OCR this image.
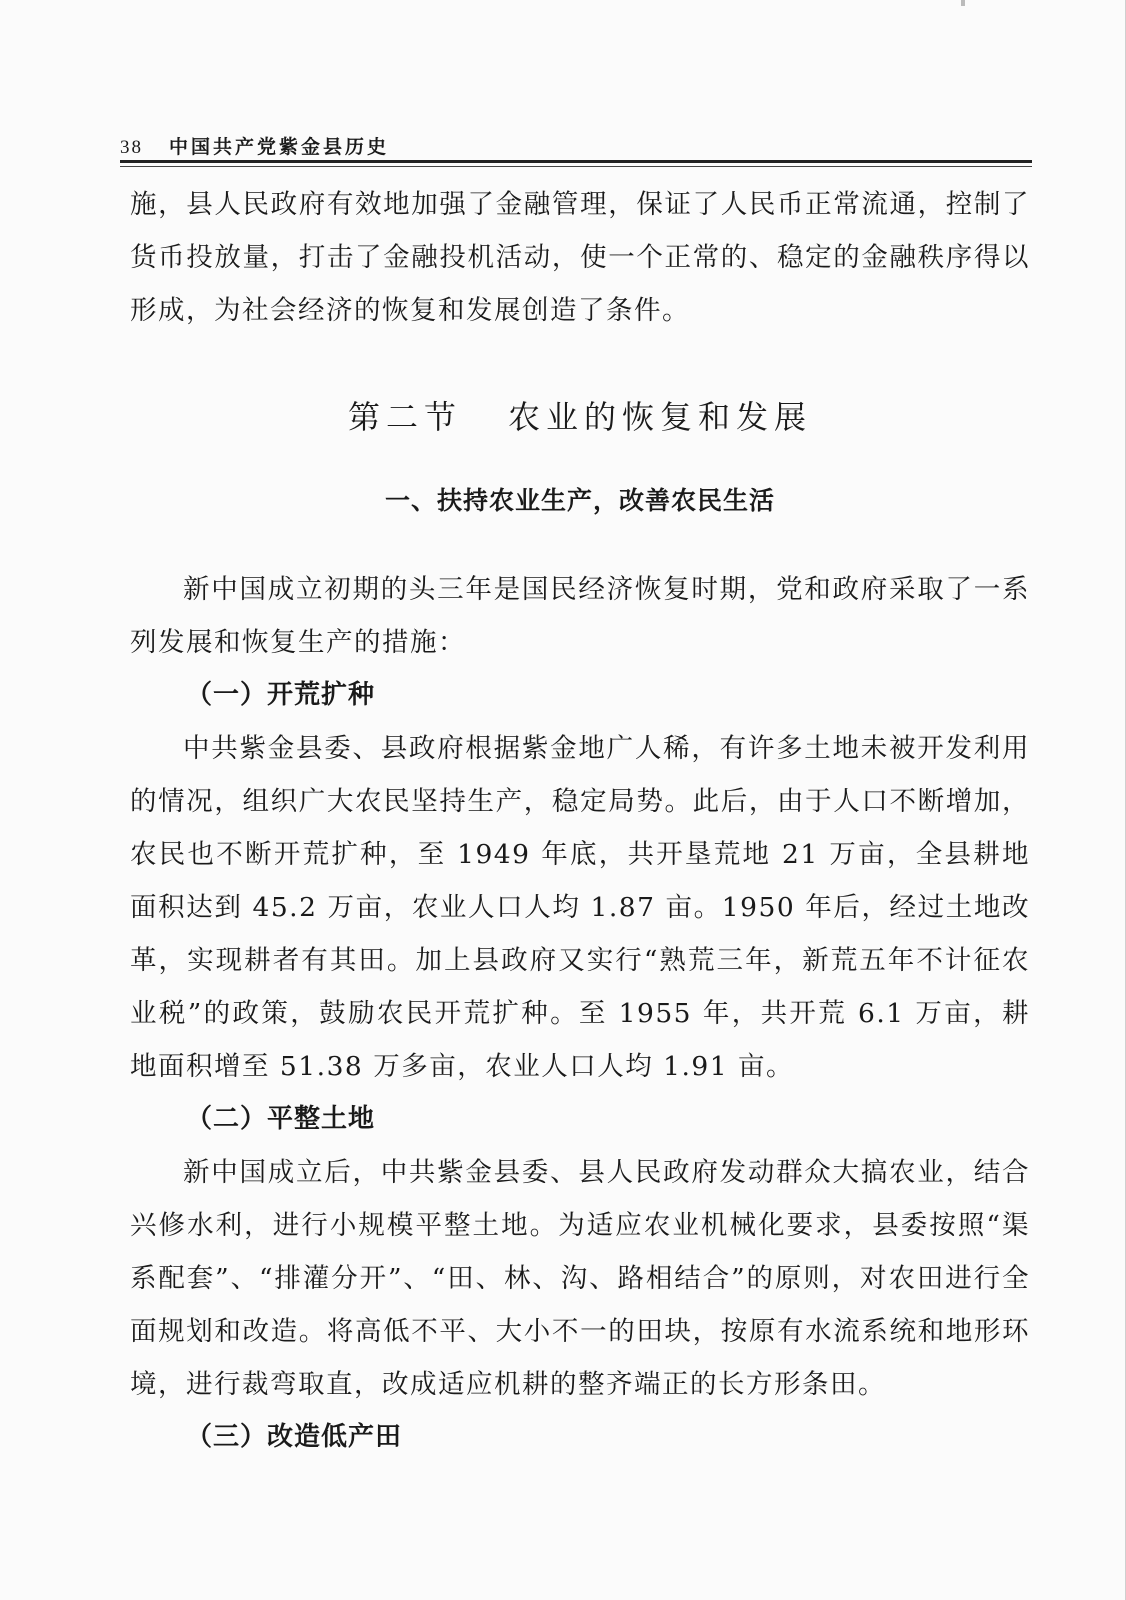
38 中国共产党紫金县历史

施，县人民政府有效地加强了金融管理，保证了人民币正常流通，控制了货币投放量，打击了金融投机活动，使一个正常的、稳定的金融秩序得以形成，为社会经济的恢复和发展创造了条件。

第二节 农业的恢复和发展
一、扶持农业生产，改善农民生活

新中国成立初期的头三年是国民经济恢复时期，党和政府采取了一系列发展和恢复生产的措施：

（一）开荒扩种

中共紫金县委、县政府根据紫金地广人稀，有许多土地未被开发利用的情况，组织广大农民坚持生产，稳定局势。此后，由于人口不断增加，农民也不断开荒扩种，至 1949 年底，共开垦荒地 21 万亩，全县耕地面积达到 45.2 万亩，农业人口人均 1.87 亩。1950 年后，经过土地改革，实现耕者有其田。加上县政府又实行“熟荒三年，新荒五年不计征农业税”的政策，鼓励农民开荒扩种。至 1955 年，共开荒 6.1 万亩，耕地面积增至 51.38 万多亩，农业人口人均 1.91 亩。

（二）平整土地

新中国成立后，中共紫金县委、县人民政府发动群众大搞农业，结合兴修水利，进行小规模平整土地。为适应农业机械化要求，县委按照“渠系配套”、“排灌分开”、“田、林、沟、路相结合”的原则，对农田进行全面规划和改造。将高低不平、大小不一的田块，按原有水流系统和地形环境，进行裁弯取直，改成适应机耕的整齐端正的长方形条田。

（三）改造低产田
